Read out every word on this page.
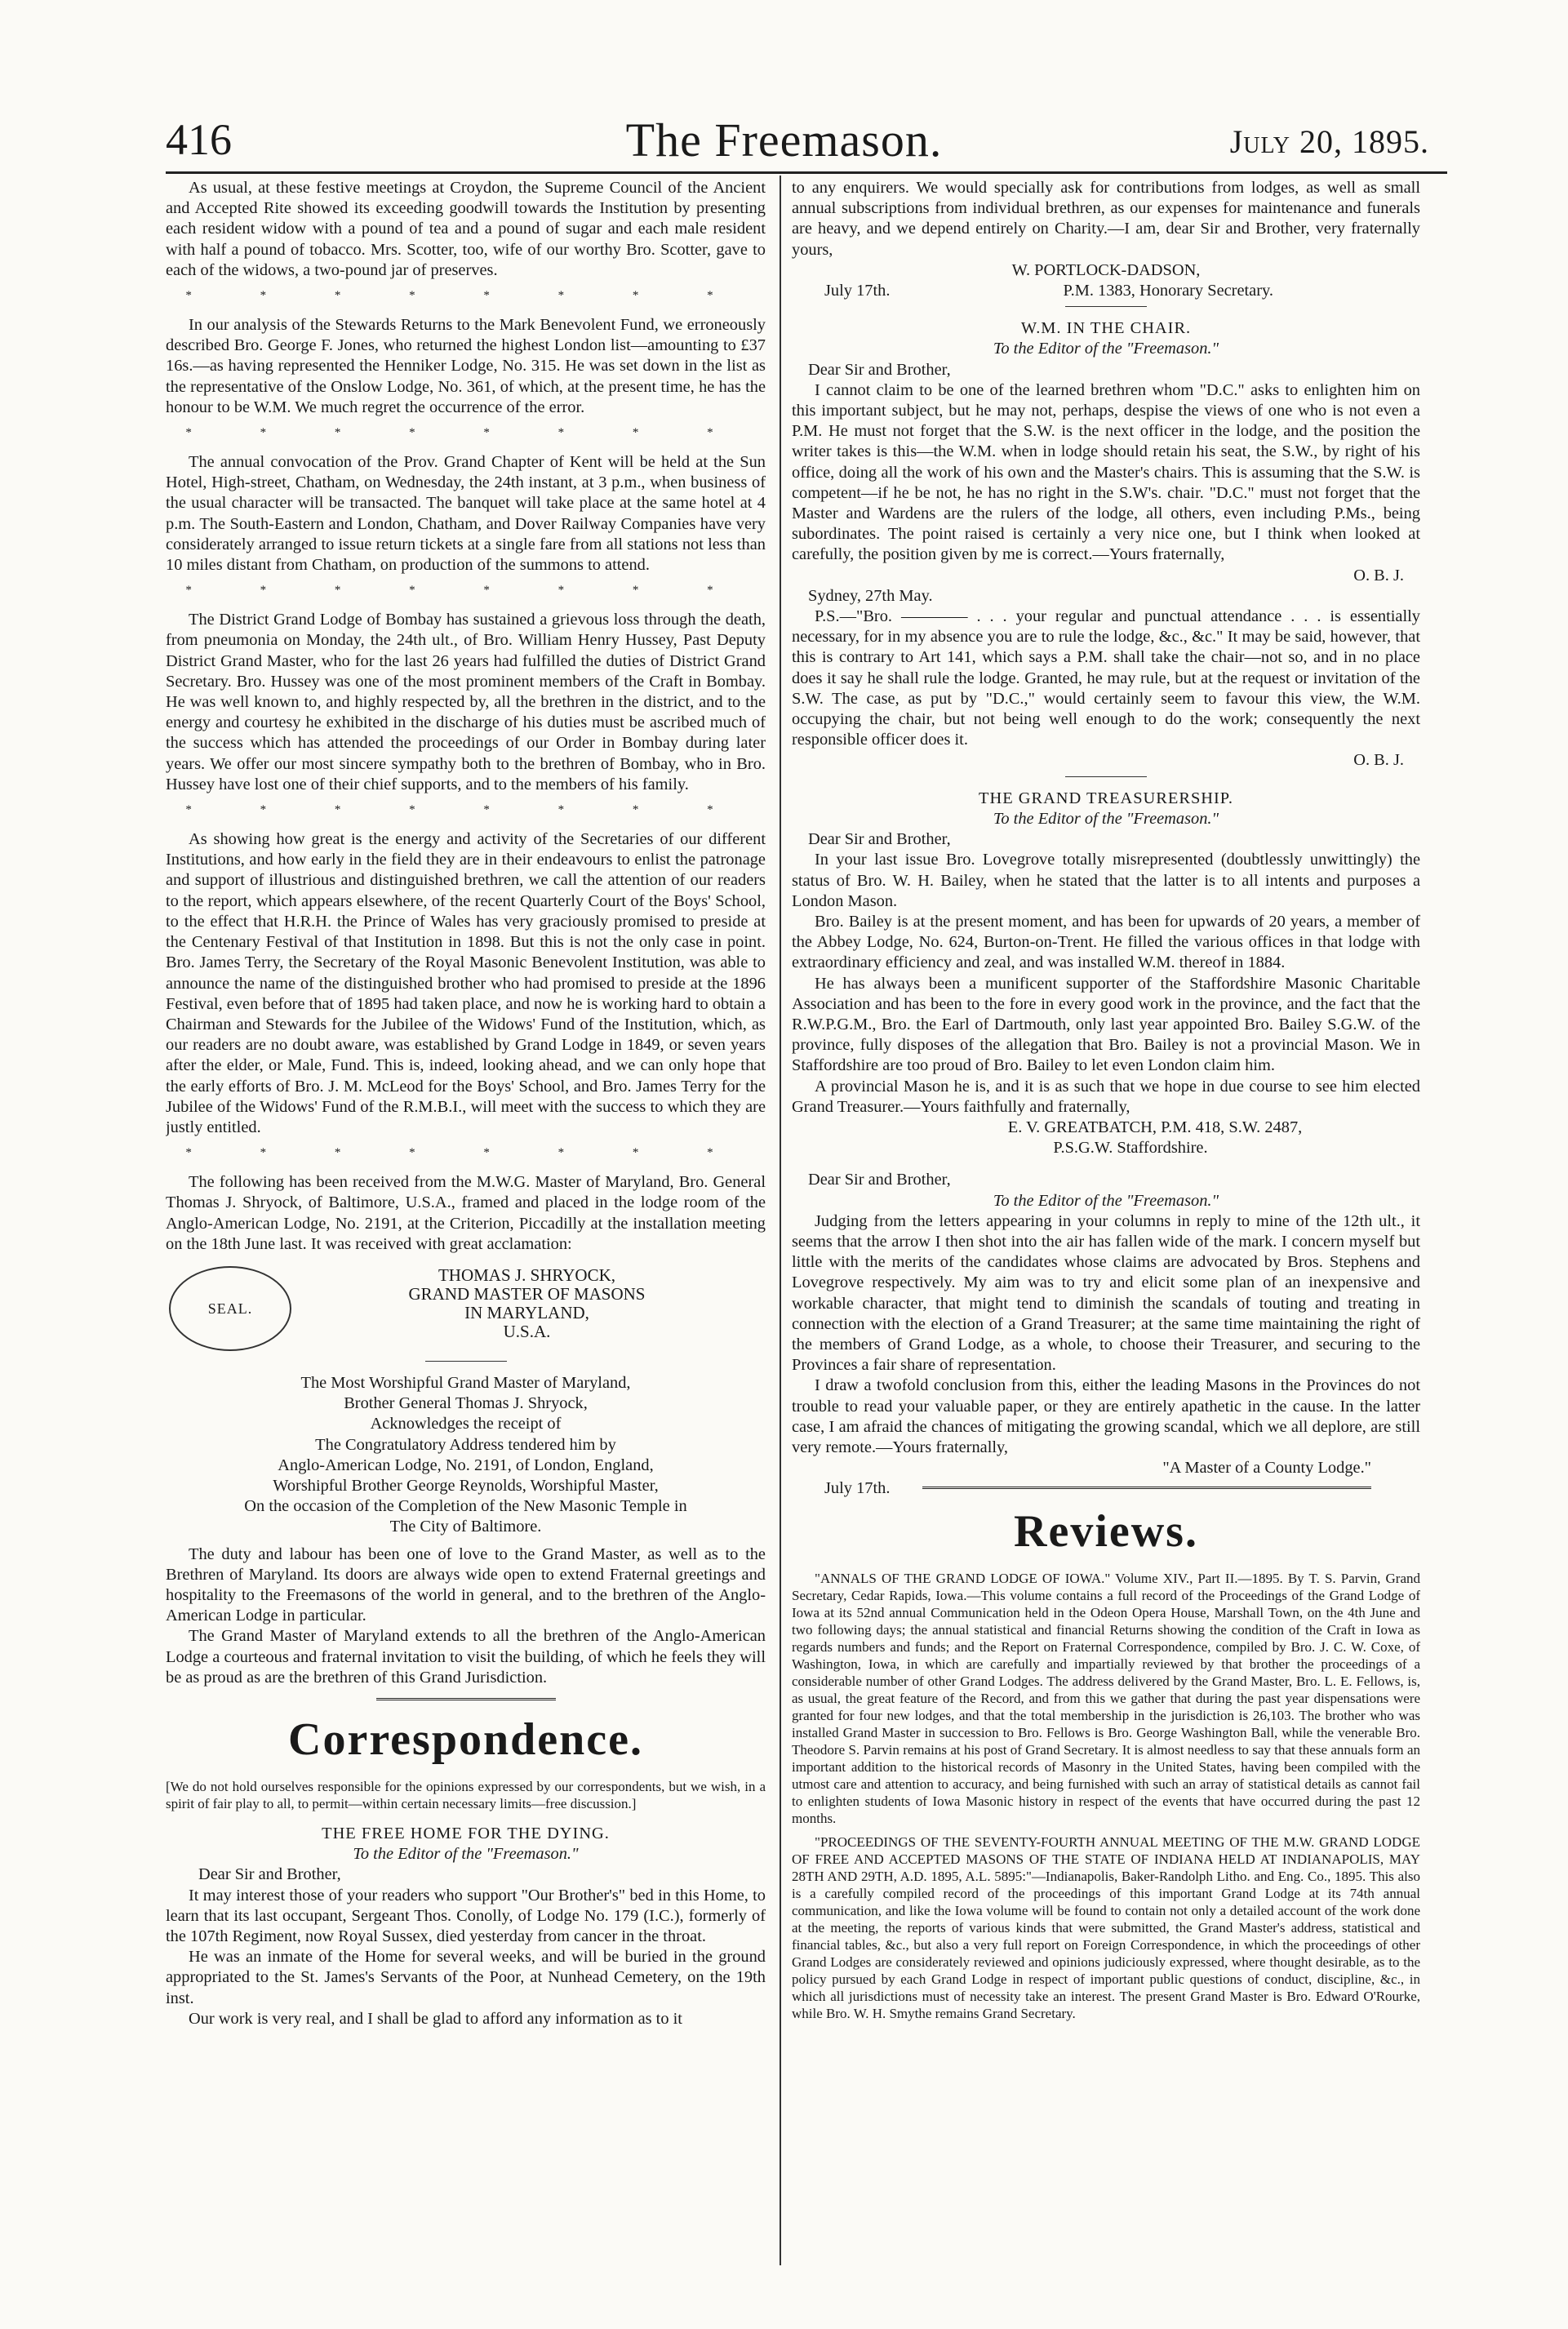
416	The Freemason.	July 20, 1895.

As usual, at these festive meetings at Croydon, the Supreme Council of the Ancient and Accepted Rite showed its exceeding goodwill towards the Institution by presenting each resident widow with a pound of tea and a pound of sugar and each male resident with half a pound of tobacco. Mrs. Scotter, too, wife of our worthy Bro. Scotter, gave to each of the widows, a two-pound jar of preserves.

* * * * * * * *

In our analysis of the Stewards Returns to the Mark Benevolent Fund, we erroneously described Bro. George F. Jones, who returned the highest London list—amounting to £37 16s.—as having represented the Henniker Lodge, No. 315. He was set down in the list as the representative of the Onslow Lodge, No. 361, of which, at the present time, he has the honour to be W.M. We much regret the occurrence of the error.

* * * * * * * *

The annual convocation of the Prov. Grand Chapter of Kent will be held at the Sun Hotel, High-street, Chatham, on Wednesday, the 24th instant, at 3 p.m., when business of the usual character will be transacted. The banquet will take place at the same hotel at 4 p.m. The South-Eastern and London, Chatham, and Dover Railway Companies have very considerately arranged to issue return tickets at a single fare from all stations not less than 10 miles distant from Chatham, on production of the summons to attend.

* * * * * * * *

The District Grand Lodge of Bombay has sustained a grievous loss through the death, from pneumonia on Monday, the 24th ult., of Bro. William Henry Hussey, Past Deputy District Grand Master, who for the last 26 years had fulfilled the duties of District Grand Secretary. Bro. Hussey was one of the most prominent members of the Craft in Bombay. He was well known to, and highly respected by, all the brethren in the district, and to the energy and courtesy he exhibited in the discharge of his duties must be ascribed much of the success which has attended the proceedings of our Order in Bombay during later years. We offer our most sincere sympathy both to the brethren of Bombay, who in Bro. Hussey have lost one of their chief supports, and to the members of his family.

* * * * * * * *

As showing how great is the energy and activity of the Secretaries of our different Institutions, and how early in the field they are in their endeavours to enlist the patronage and support of illustrious and distinguished brethren, we call the attention of our readers to the report, which appears elsewhere, of the recent Quarterly Court of the Boys' School, to the effect that H.R.H. the Prince of Wales has very graciously promised to preside at the Centenary Festival of that Institution in 1898. But this is not the only case in point. Bro. James Terry, the Secretary of the Royal Masonic Benevolent Institution, was able to announce the name of the distinguished brother who had promised to preside at the 1896 Festival, even before that of 1895 had taken place, and now he is working hard to obtain a Chairman and Stewards for the Jubilee of the Widows' Fund of the Institution, which, as our readers are no doubt aware, was established by Grand Lodge in 1849, or seven years after the elder, or Male, Fund. This is, indeed, looking ahead, and we can only hope that the early efforts of Bro. J. M. McLeod for the Boys' School, and Bro. James Terry for the Jubilee of the Widows' Fund of the R.M.B.I., will meet with the success to which they are justly entitled.

* * * * * * * *

The following has been received from the M.W.G. Master of Maryland, Bro. General Thomas J. Shryock, of Baltimore, U.S.A., framed and placed in the lodge room of the Anglo-American Lodge, No. 2191, at the Criterion, Piccadilly at the installation meeting on the 18th June last. It was received with great acclamation:

SEAL.
THOMAS J. SHRYOCK,
GRAND MASTER OF MASONS
IN MARYLAND,
U.S.A.
The Most Worshipful Grand Master of Maryland,
Brother General Thomas J. Shryock,
Acknowledges the receipt of
The Congratulatory Address tendered him by
Anglo-American Lodge, No. 2191, of London, England,
Worshipful Brother George Reynolds, Worshipful Master,
On the occasion of the Completion of the New Masonic Temple in
The City of Baltimore.

The duty and labour has been one of love to the Grand Master, as well as to the Brethren of Maryland. Its doors are always wide open to extend Fraternal greetings and hospitality to the Freemasons of the world in general, and to the brethren of the Anglo-American Lodge in particular.

The Grand Master of Maryland extends to all the brethren of the Anglo-American Lodge a courteous and fraternal invitation to visit the building, of which he feels they will be as proud as are the brethren of this Grand Jurisdiction.

Correspondence.

[We do not hold ourselves responsible for the opinions expressed by our correspondents, but we wish, in a spirit of fair play to all, to permit—within certain necessary limits—free discussion.]

THE FREE HOME FOR THE DYING.
To the Editor of the "Freemason."

Dear Sir and Brother,

It may interest those of your readers who support "Our Brother's" bed in this Home, to learn that its last occupant, Sergeant Thos. Conolly, of Lodge No. 179 (I.C.), formerly of the 107th Regiment, now Royal Sussex, died yesterday from cancer in the throat.

He was an inmate of the Home for several weeks, and will be buried in the ground appropriated to the St. James's Servants of the Poor, at Nunhead Cemetery, on the 19th inst.

Our work is very real, and I shall be glad to afford any information as to it

to any enquirers. We would specially ask for contributions from lodges, as well as small annual subscriptions from individual brethren, as our expenses for maintenance and funerals are heavy, and we depend entirely on Charity.—I am, dear Sir and Brother, very fraternally yours,

W. PORTLOCK-DADSON,
July 17th.	P.M. 1383, Honorary Secretary.
W.M. IN THE CHAIR.
To the Editor of the "Freemason."

Dear Sir and Brother,

I cannot claim to be one of the learned brethren whom "D.C." asks to enlighten him on this important subject, but he may not, perhaps, despise the views of one who is not even a P.M. He must not forget that the S.W. is the next officer in the lodge, and the position the writer takes is this—the W.M. when in lodge should retain his seat, the S.W., by right of his office, doing all the work of his own and the Master's chairs. This is assuming that the S.W. is competent—if he be not, he has no right in the S.W's. chair. "D.C." must not forget that the Master and Wardens are the rulers of the lodge, all others, even including P.Ms., being subordinates. The point raised is certainly a very nice one, but I think when looked at carefully, the position given by me is correct.—Yours fraternally,

O. B. J.

Sydney, 27th May.

P.S.—"Bro. ———— . . . your regular and punctual attendance . . . is essentially necessary, for in my absence you are to rule the lodge, &c., &c." It may be said, however, that this is contrary to Art 141, which says a P.M. shall take the chair—not so, and in no place does it say he shall rule the lodge. Granted, he may rule, but at the request or invitation of the S.W. The case, as put by "D.C.," would certainly seem to favour this view, the W.M. occupying the chair, but not being well enough to do the work; consequently the next responsible officer does it.

O. B. J.
THE GRAND TREASURERSHIP.
To the Editor of the "Freemason."

Dear Sir and Brother,

In your last issue Bro. Lovegrove totally misrepresented (doubtlessly unwittingly) the status of Bro. W. H. Bailey, when he stated that the latter is to all intents and purposes a London Mason.

Bro. Bailey is at the present moment, and has been for upwards of 20 years, a member of the Abbey Lodge, No. 624, Burton-on-Trent. He filled the various offices in that lodge with extraordinary efficiency and zeal, and was installed W.M. thereof in 1884.

He has always been a munificent supporter of the Staffordshire Masonic Charitable Association and has been to the fore in every good work in the province, and the fact that the R.W.P.G.M., Bro. the Earl of Dartmouth, only last year appointed Bro. Bailey S.G.W. of the province, fully disposes of the allegation that Bro. Bailey is not a provincial Mason. We in Staffordshire are too proud of Bro. Bailey to let even London claim him.

A provincial Mason he is, and it is as such that we hope in due course to see him elected Grand Treasurer.—Yours faithfully and fraternally,

E. V. GREATBATCH, P.M. 418, S.W. 2487,
P.S.G.W. Staffordshire.

Dear Sir and Brother,

To the Editor of the "Freemason."

Judging from the letters appearing in your columns in reply to mine of the 12th ult., it seems that the arrow I then shot into the air has fallen wide of the mark. I concern myself but little with the merits of the candidates whose claims are advocated by Bros. Stephens and Lovegrove respectively. My aim was to try and elicit some plan of an inexpensive and workable character, that might tend to diminish the scandals of touting and treating in connection with the election of a Grand Treasurer; at the same time maintaining the right of the members of Grand Lodge, as a whole, to choose their Treasurer, and securing to the Provinces a fair share of representation.

I draw a twofold conclusion from this, either the leading Masons in the Provinces do not trouble to read your valuable paper, or they are entirely apathetic in the cause. In the latter case, I am afraid the chances of mitigating the growing scandal, which we all deplore, are still very remote.—Yours fraternally,

"A Master of a County Lodge."
July 17th.
Reviews.

"ANNALS OF THE GRAND LODGE OF IOWA." Volume XIV., Part II.—1895. By T. S. Parvin, Grand Secretary, Cedar Rapids, Iowa.—This volume contains a full record of the Proceedings of the Grand Lodge of Iowa at its 52nd annual Communication held in the Odeon Opera House, Marshall Town, on the 4th June and two following days; the annual statistical and financial Returns showing the condition of the Craft in Iowa as regards numbers and funds; and the Report on Fraternal Correspondence, compiled by Bro. J. C. W. Coxe, of Washington, Iowa, in which are carefully and impartially reviewed by that brother the proceedings of a considerable number of other Grand Lodges. The address delivered by the Grand Master, Bro. L. E. Fellows, is, as usual, the great feature of the Record, and from this we gather that during the past year dispensations were granted for four new lodges, and that the total membership in the jurisdiction is 26,103. The brother who was installed Grand Master in succession to Bro. Fellows is Bro. George Washington Ball, while the venerable Bro. Theodore S. Parvin remains at his post of Grand Secretary. It is almost needless to say that these annuals form an important addition to the historical records of Masonry in the United States, having been compiled with the utmost care and attention to accuracy, and being furnished with such an array of statistical details as cannot fail to enlighten students of Iowa Masonic history in respect of the events that have occurred during the past 12 months.

"PROCEEDINGS OF THE SEVENTY-FOURTH ANNUAL MEETING OF THE M.W. GRAND LODGE OF FREE AND ACCEPTED MASONS OF THE STATE OF INDIANA HELD AT INDIANAPOLIS, MAY 28TH AND 29TH, A.D. 1895, A.L. 5895:"—Indianapolis, Baker-Randolph Litho. and Eng. Co., 1895. This also is a carefully compiled record of the proceedings of this important Grand Lodge at its 74th annual communication, and like the Iowa volume will be found to contain not only a detailed account of the work done at the meeting, the reports of various kinds that were submitted, the Grand Master's address, statistical and financial tables, &c., but also a very full report on Foreign Correspondence, in which the proceedings of other Grand Lodges are considerately reviewed and opinions judiciously expressed, where thought desirable, as to the policy pursued by each Grand Lodge in respect of important public questions of conduct, discipline, &c., in which all jurisdictions must of necessity take an interest. The present Grand Master is Bro. Edward O'Rourke, while Bro. W. H. Smythe remains Grand Secretary.
